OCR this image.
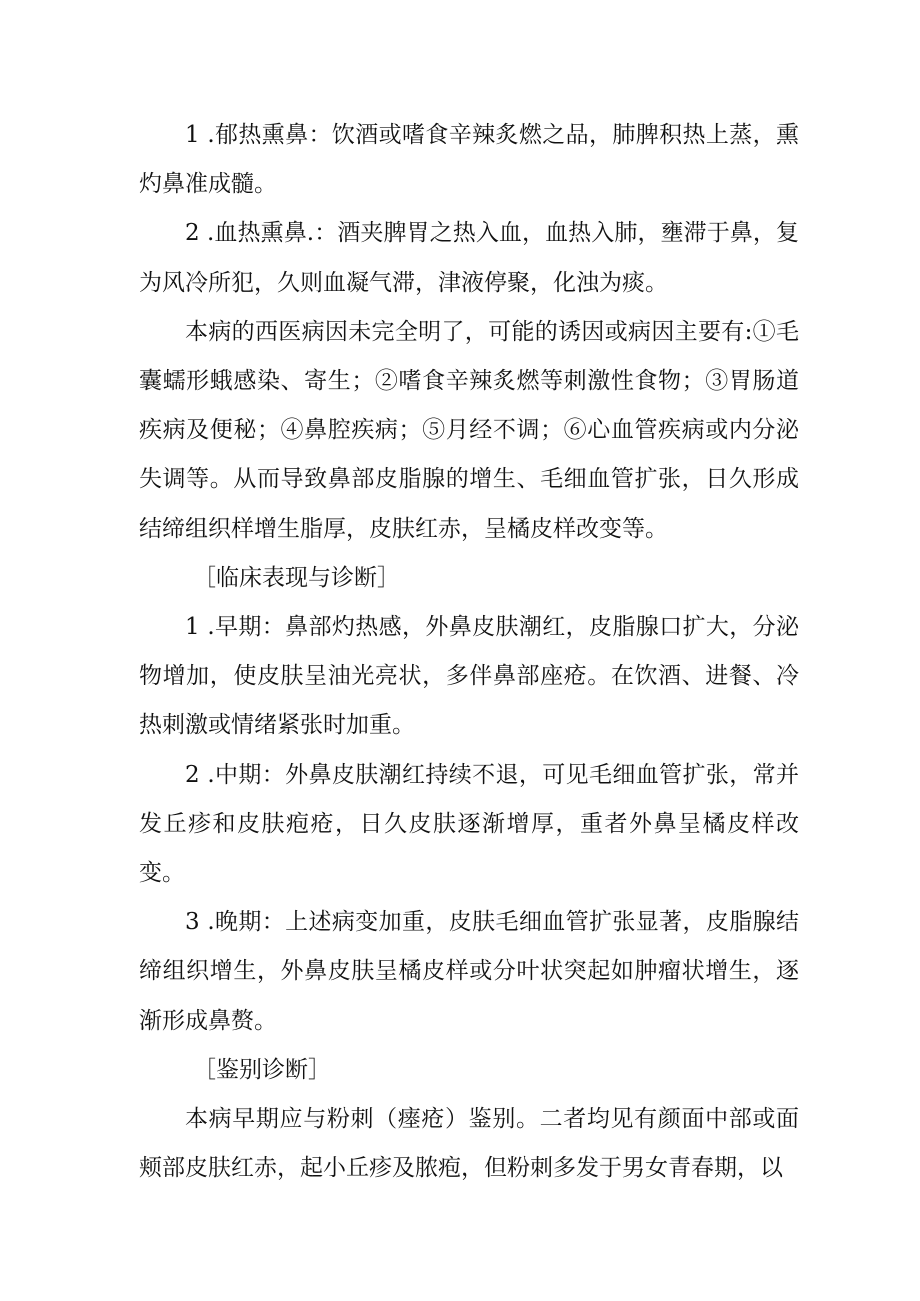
1 .郁热熏鼻：饮酒或嗜食辛辣炙燃之品，肺脾积热上蒸，熏灼鼻准成髓。

2 .血热熏鼻.：酒夹脾胃之热入血，血热入肺，壅滞于鼻，复为风冷所犯，久则血凝气滞，津液停聚，化浊为痰。

本病的西医病因未完全明了，可能的诱因或病因主要有:①毛囊蠕形蛾感染、寄生；②嗜食辛辣炙燃等刺激性食物；③胃肠道疾病及便秘；④鼻腔疾病；⑤月经不调；⑥心血管疾病或内分泌失调等。从而导致鼻部皮脂腺的增生、毛细血管扩张，日久形成结缔组织样增生脂厚，皮肤红赤，呈橘皮样改变等。

［临床表现与诊断］

1 .早期：鼻部灼热感，外鼻皮肤潮红，皮脂腺口扩大，分泌物增加，使皮肤呈油光亮状，多伴鼻部座疮。在饮酒、进餐、冷热刺激或情绪紧张时加重。

2 .中期：外鼻皮肤潮红持续不退，可见毛细血管扩张，常并发丘疹和皮肤疱疮，日久皮肤逐渐增厚，重者外鼻呈橘皮样改变。

3 .晚期：上述病变加重，皮肤毛细血管扩张显著，皮脂腺结缔组织增生，外鼻皮肤呈橘皮样或分叶状突起如肿瘤状增生，逐渐形成鼻赘。

［鉴别诊断］

本病早期应与粉刺（瘗疮）鉴别。二者均见有颜面中部或面颊部皮肤红赤，起小丘疹及脓疱，但粉刺多发于男女青春期，以
